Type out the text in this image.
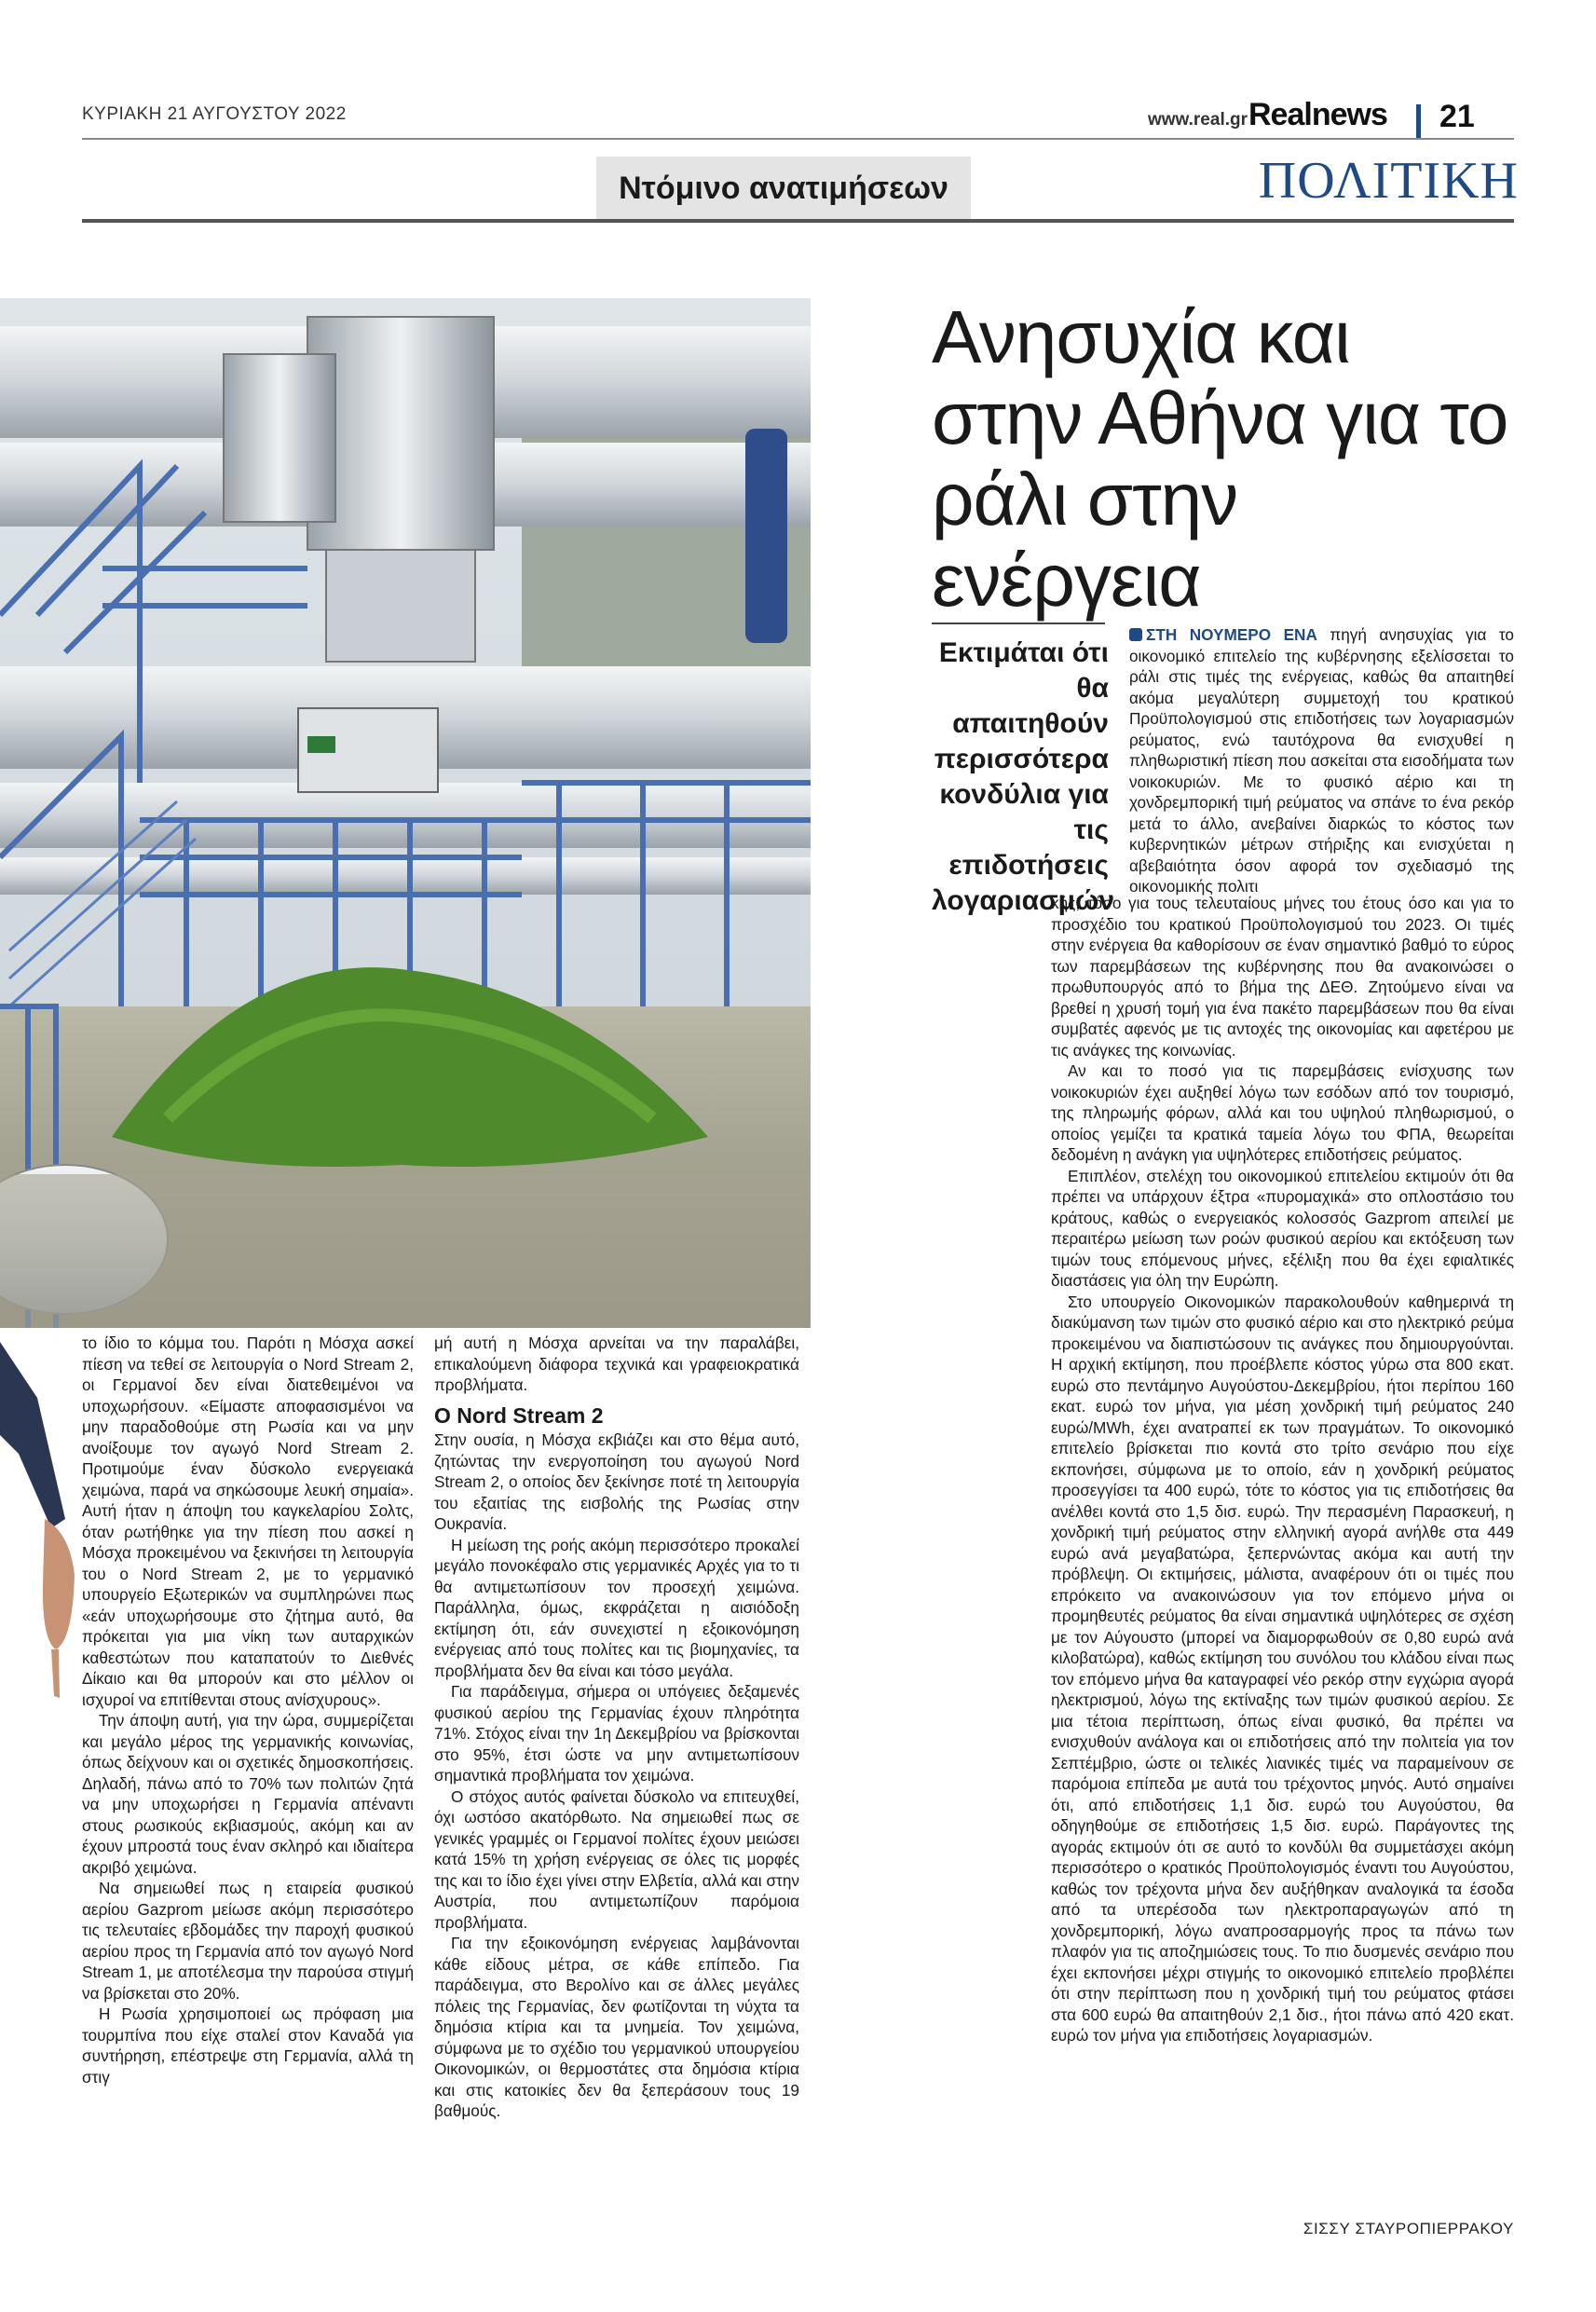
ΚΥΡΙΑΚΗ 21 ΑΥΓΟΥΣΤΟΥ 2022	www.real.gr Realnews 21
Ντόμινο ανατιμήσεων	ΠΟΛΙΤΙΚΗ
Ανησυχία και στην Αθήνα για το ράλι στην ενέργεια
Εκτιμάται ότι θα απαιτηθούν περισσότερα κονδύλια για τις επιδοτήσεις λογαριασμών

ΣΤΗ ΝΟΥΜΕΡΟ ΕΝΑ πηγή ανησυχίας για το οικονομικό επιτελείο της κυβέρνησης εξελίσσεται το ράλι στις τιμές της ενέργειας, καθώς θα απαιτηθεί ακόμα μεγαλύτερη συμμετοχή του κρατικού Προϋπολογισμού στις επιδοτήσεις των λογαριασμών ρεύματος, ενώ ταυτόχρονα θα ενισχυθεί η πληθωριστική πίεση που ασκείται στα εισοδήματα των νοικοκυριών. Με το φυσικό αέριο και τη χονδρεμπορική τιμή ρεύματος να σπάνε το ένα ρεκόρ μετά το άλλο, ανεβαίνει διαρκώς το κόστος των κυβερνητικών μέτρων στήριξης και ενισχύεται η αβεβαιότητα όσον αφορά τον σχεδιασμό της οικονομικής πολιτι

κής, τόσο για τους τελευταίους μήνες του έτους όσο και για το προσχέδιο του κρατικού Προϋπολογισμού του 2023. Οι τιμές στην ενέργεια θα καθορίσουν σε έναν σημαντικό βαθμό το εύρος των παρεμβάσεων της κυβέρνησης που θα ανακοινώσει ο πρωθυπουργός από το βήμα της ΔΕΘ. Ζητούμενο είναι να βρεθεί η χρυσή τομή για ένα πακέτο παρεμβάσεων που θα είναι συμβατές αφενός με τις αντοχές της οικονομίας και αφετέρου με τις ανάγκες της κοινωνίας.

Αν και το ποσό για τις παρεμβάσεις ενίσχυσης των νοικοκυριών έχει αυξηθεί λόγω των εσόδων από τον τουρισμό, της πληρωμής φόρων, αλλά και του υψηλού πληθωρισμού, ο οποίος γεμίζει τα κρατικά ταμεία λόγω του ΦΠΑ, θεωρείται δεδομένη η ανάγκη για υψηλότερες επιδοτήσεις ρεύματος.

Επιπλέον, στελέχη του οικονομικού επιτελείου εκτιμούν ότι θα πρέπει να υπάρχουν έξτρα «πυρομαχικά» στο οπλοστάσιο του κράτους, καθώς ο ενεργειακός κολοσσός Gazprom απειλεί με περαιτέρω μείωση των ροών φυσικού αερίου και εκτόξευση των τιμών τους επόμενους μήνες, εξέλιξη που θα έχει εφιαλτικές διαστάσεις για όλη την Ευρώπη.

Στο υπουργείο Οικονομικών παρακολουθούν καθημερινά τη διακύμανση των τιμών στο φυσικό αέριο και στο ηλεκτρικό ρεύμα προκειμένου να διαπιστώσουν τις ανάγκες που δημιουργούνται. Η αρχική εκτίμηση, που προέβλεπε κόστος γύρω στα 800 εκατ. ευρώ στο πεντάμηνο Αυγούστου-Δεκεμβρίου, ήτοι περίπου 160 εκατ. ευρώ τον μήνα, για μέση χονδρική τιμή ρεύματος 240 ευρώ/MWh, έχει ανατραπεί εκ των πραγμάτων. Το οικονομικό επιτελείο βρίσκεται πιο κοντά στο τρίτο σενάριο που είχε εκπονήσει, σύμφωνα με το οποίο, εάν η χονδρική ρεύματος προσεγγίσει τα 400 ευρώ, τότε το κόστος για τις επιδοτήσεις θα ανέλθει κοντά στο 1,5 δισ. ευρώ. Την περασμένη Παρασκευή, η χονδρική τιμή ρεύματος στην ελληνική αγορά ανήλθε στα 449 ευρώ ανά μεγαβατώρα, ξεπερνώντας ακόμα και αυτή την πρόβλεψη. Οι εκτιμήσεις, μάλιστα, αναφέρουν ότι οι τιμές που επρόκειτο να ανακοινώσουν για τον επόμενο μήνα οι προμηθευτές ρεύματος θα είναι σημαντικά υψηλότερες σε σχέση με τον Αύγουστο (μπορεί να διαμορφωθούν σε 0,80 ευρώ ανά κιλοβατώρα), καθώς εκτίμηση του συνόλου του κλάδου είναι πως τον επόμενο μήνα θα καταγραφεί νέο ρεκόρ στην εγχώρια αγορά ηλεκτρισμού, λόγω της εκτίναξης των τιμών φυσικού αερίου. Σε μια τέτοια περίπτωση, όπως είναι φυσικό, θα πρέπει να ενισχυθούν ανάλογα και οι επιδοτήσεις από την πολιτεία για τον Σεπτέμβριο, ώστε οι τελικές λιανικές τιμές να παραμείνουν σε παρόμοια επίπεδα με αυτά του τρέχοντος μηνός. Αυτό σημαίνει ότι, από επιδοτήσεις 1,1 δισ. ευρώ του Αυγούστου, θα οδηγηθούμε σε επιδοτήσεις 1,5 δισ. ευρώ. Παράγοντες της αγοράς εκτιμούν ότι σε αυτό το κονδύλι θα συμμετάσχει ακόμη περισσότερο ο κρατικός Προϋπολογισμός έναντι του Αυγούστου, καθώς τον τρέχοντα μήνα δεν αυξήθηκαν αναλογικά τα έσοδα από τα υπερέσοδα των ηλεκτροπαραγωγών από τη χονδρεμπορική, λόγω αναπροσαρμογής προς τα πάνω των πλαφόν για τις αποζημιώσεις τους. Το πιο δυσμενές σενάριο που έχει εκπονήσει μέχρι στιγμής το οικονομικό επιτελείο προβλέπει ότι στην περίπτωση που η χονδρική τιμή του ρεύματος φτάσει στα 600 ευρώ θα απαιτηθούν 2,1 δισ., ήτοι πάνω από 420 εκατ. ευρώ τον μήνα για επιδοτήσεις λογαριασμών.

ΣΙΣΣΥ ΣΤΑΥΡΟΠΙΕΡΡΑΚΟΥ

το ίδιο το κόμμα του. Παρότι η Μόσχα ασκεί πίεση να τεθεί σε λειτουργία ο Nord Stream 2, οι Γερμανοί δεν είναι διατεθειμένοι να υποχωρήσουν. «Είμαστε αποφασισμένοι να μην παραδοθούμε στη Ρωσία και να μην ανοίξουμε τον αγωγό Nord Stream 2. Προτιμούμε έναν δύσκολο ενεργειακά χειμώνα, παρά να σηκώσουμε λευκή σημαία». Αυτή ήταν η άποψη του καγκελαρίου Σολτς, όταν ρωτήθηκε για την πίεση που ασκεί η Μόσχα προκειμένου να ξεκινήσει τη λειτουργία του ο Nord Stream 2, με το γερμανικό υπουργείο Εξωτερικών να συμπληρώνει πως «εάν υποχωρήσουμε στο ζήτημα αυτό, θα πρόκειται για μια νίκη των αυταρχικών καθεστώτων που καταπατούν το Διεθνές Δίκαιο και θα μπορούν και στο μέλλον οι ισχυροί να επιτίθενται στους ανίσχυρους».

Την άποψη αυτή, για την ώρα, συμμερίζεται και μεγάλο μέρος της γερμανικής κοινωνίας, όπως δείχνουν και οι σχετικές δημοσκοπήσεις. Δηλαδή, πάνω από το 70% των πολιτών ζητά να μην υποχωρήσει η Γερμανία απέναντι στους ρωσικούς εκβιασμούς, ακόμη και αν έχουν μπροστά τους έναν σκληρό και ιδιαίτερα ακριβό χειμώνα.

Να σημειωθεί πως η εταιρεία φυσικού αερίου Gazprom μείωσε ακόμη περισσότερο τις τελευταίες εβδομάδες την παροχή φυσικού αερίου προς τη Γερμανία από τον αγωγό Nord Stream 1, με αποτέλεσμα την παρούσα στιγμή να βρίσκεται στο 20%.

Η Ρωσία χρησιμοποιεί ως πρόφαση μια τουρμπίνα που είχε σταλεί στον Καναδά για συντήρηση, επέστρεψε στη Γερμανία, αλλά τη στιγ

μή αυτή η Μόσχα αρνείται να την παραλάβει, επικαλούμενη διάφορα τεχνικά και γραφειοκρατικά προβλήματα.
Ο Nord Stream 2

Στην ουσία, η Μόσχα εκβιάζει και στο θέμα αυτό, ζητώντας την ενεργοποίηση του αγωγού Nord Stream 2, ο οποίος δεν ξεκίνησε ποτέ τη λειτουργία του εξαιτίας της εισβολής της Ρωσίας στην Ουκρανία.

Η μείωση της ροής ακόμη περισσότερο προκαλεί μεγάλο πονοκέφαλο στις γερμανικές Αρχές για το τι θα αντιμετωπίσουν τον προσεχή χειμώνα. Παράλληλα, όμως, εκφράζεται η αισιόδοξη εκτίμηση ότι, εάν συνεχιστεί η εξοικονόμηση ενέργειας από τους πολίτες και τις βιομηχανίες, τα προβλήματα δεν θα είναι και τόσο μεγάλα.

Για παράδειγμα, σήμερα οι υπόγειες δεξαμενές φυσικού αερίου της Γερμανίας έχουν πληρότητα 71%. Στόχος είναι την 1η Δεκεμβρίου να βρίσκονται στο 95%, έτσι ώστε να μην αντιμετωπίσουν σημαντικά προβλήματα τον χειμώνα.

Ο στόχος αυτός φαίνεται δύσκολο να επιτευχθεί, όχι ωστόσο ακατόρθωτο. Να σημειωθεί πως σε γενικές γραμμές οι Γερμανοί πολίτες έχουν μειώσει κατά 15% τη χρήση ενέργειας σε όλες τις μορφές της και το ίδιο έχει γίνει στην Ελβετία, αλλά και στην Αυστρία, που αντιμετωπίζουν παρόμοια προβλήματα.

Για την εξοικονόμηση ενέργειας λαμβάνονται κάθε είδους μέτρα, σε κάθε επίπεδο. Για παράδειγμα, στο Βερολίνο και σε άλλες μεγάλες πόλεις της Γερμανίας, δεν φωτίζονται τη νύχτα τα δημόσια κτίρια και τα μνημεία. Τον χειμώνα, σύμφωνα με το σχέδιο του γερμανικού υπουργείου Οικονομικών, οι θερμοστάτες στα δημόσια κτίρια και στις κατοικίες δεν θα ξεπεράσουν τους 19 βαθμούς.
